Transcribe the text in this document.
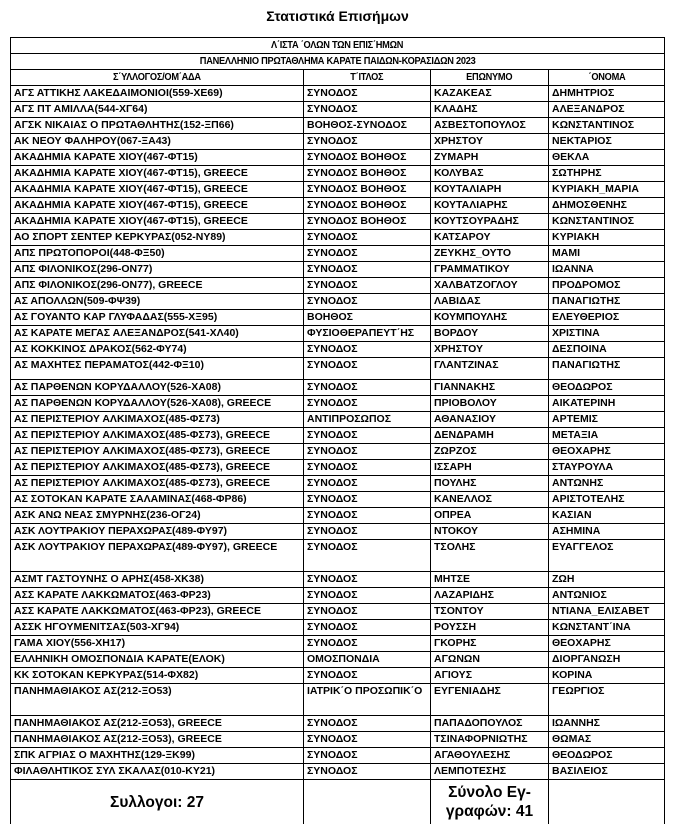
Στατιστικά Επισήμων
Λ΄ΙΣΤΑ ΄ΟΛΩΝ ΤΩΝ ΕΠΙΣ΄ΗΜΩΝ			
ΠΑΝΕΛΛΗΝΙΟ ΠΡΩΤΑΘΛΗΜΑ ΚΑΡΑΤΕ ΠΑΙΔΩΝ-ΚΟΡΑΣΙΔΩΝ 2023			
Σ΄ΥΛΛΟΓΟΣ/ΟΜ΄ΑΔΑ	Τ΄ΙΤΛΟΣ	ΕΠΩΝΥΜΟ	΄ΟΝΟΜΑ
ΑΓΣ ΑΤΤΙΚΗΣ ΛΑΚΕΔΑΙΜΟΝΙΟΙ(559-ΧΕ69)	ΣΥΝΟΔΟΣ	ΚΑΖΑΚΕΑΣ	ΔΗΜΗΤΡΙΟΣ
ΑΓΣ ΠΤ ΑΜΙΛΛΑ(544-ΧΓ64)	ΣΥΝΟΔΟΣ	ΚΛΑΔΗΣ	ΑΛΕΞΑΝΔΡΟΣ
ΑΓΣΚ ΝΙΚΑΙΑΣ Ο ΠΡΩΤΑΘΛΗΤΗΣ(152-ΞΠ66)	ΒΟΗΘΟΣ-ΣΥΝΟΔΟΣ	ΑΣΒΕΣΤΟΠΟΥΛΟΣ	ΚΩΝΣΤΑΝΤΙΝΟΣ
ΑΚ ΝΕΟΥ ΦΑΛΗΡΟΥ(067-ΞΑ43)	ΣΥΝΟΔΟΣ	ΧΡΗΣΤΟΥ	ΝΕΚΤΑΡΙΟΣ
ΑΚΑΔΗΜΙΑ ΚΑΡΑΤΕ ΧΙΟΥ(467-ΦΤ15)	ΣΥΝΟΔΟΣ ΒΟΗΘΟΣ	ΖΥΜΑΡΗ	ΘΕΚΛΑ
ΑΚΑΔΗΜΙΑ ΚΑΡΑΤΕ ΧΙΟΥ(467-ΦΤ15), GREECE	ΣΥΝΟΔΟΣ ΒΟΗΘΟΣ	ΚΟΛΥΒΑΣ	ΣΩΤΗΡΗΣ
ΑΚΑΔΗΜΙΑ ΚΑΡΑΤΕ ΧΙΟΥ(467-ΦΤ15), GREECE	ΣΥΝΟΔΟΣ ΒΟΗΘΟΣ	ΚΟΥΤΑΛΙΑΡΗ	ΚΥΡΙΑΚΗ_ΜΑΡΙΑ
ΑΚΑΔΗΜΙΑ ΚΑΡΑΤΕ ΧΙΟΥ(467-ΦΤ15), GREECE	ΣΥΝΟΔΟΣ ΒΟΗΘΟΣ	ΚΟΥΤΑΛΙΑΡΗΣ	ΔΗΜΟΣΘΕΝΗΣ
ΑΚΑΔΗΜΙΑ ΚΑΡΑΤΕ ΧΙΟΥ(467-ΦΤ15), GREECE	ΣΥΝΟΔΟΣ ΒΟΗΘΟΣ	ΚΟΥΤΣΟΥΡΑΔΗΣ	ΚΩΝΣΤΑΝΤΙΝΟΣ
ΑΟ ΣΠΟΡΤ ΣΕΝΤΕΡ ΚΕΡΚΥΡΑΣ(052-ΝΥ89)	ΣΥΝΟΔΟΣ	ΚΑΤΣΑΡΟΥ	ΚΥΡΙΑΚΗ
ΑΠΣ ΠΡΩΤΟΠΟΡΟΙ(448-ΦΞ50)	ΣΥΝΟΔΟΣ	ΖΕΥΚΗΣ_ΟΥΤΟ	ΜΑΜΙ
ΑΠΣ ΦΙΛΟΝΙΚΟΣ(296-ΟΝ77)	ΣΥΝΟΔΟΣ	ΓΡΑΜΜΑΤΙΚΟΥ	ΙΩΑΝΝΑ
ΑΠΣ ΦΙΛΟΝΙΚΟΣ(296-ΟΝ77), GREECE	ΣΥΝΟΔΟΣ	ΧΑΛΒΑΤΖΟΓΛΟΥ	ΠΡΟΔΡΟΜΟΣ
ΑΣ ΑΠΟΛΛΩΝ(509-ΦΨ39)	ΣΥΝΟΔΟΣ	ΛΑΒΙΔΑΣ	ΠΑΝΑΓΙΩΤΗΣ
ΑΣ ΓΟΥΑΝΤΟ ΚΑΡ ΓΛΥΦΑΔΑΣ(555-ΧΞ95)	ΒΟΗΘΟΣ	ΚΟΥΜΠΟΥΛΗΣ	ΕΛΕΥΘΕΡΙΟΣ
ΑΣ ΚΑΡΑΤΕ ΜΕΓΑΣ ΑΛΕΞΑΝΔΡΟΣ(541-ΧΛ40)	ΦΥΣΙΟΘΕΡΑΠΕΥΤ΄ΗΣ	ΒΟΡΔΟΥ	ΧΡΙΣΤΙΝΑ
ΑΣ ΚΟΚΚΙΝΟΣ ΔΡΑΚΟΣ(562-ΦΥ74)	ΣΥΝΟΔΟΣ	ΧΡΗΣΤΟΥ	ΔΕΣΠΟΙΝΑ
ΑΣ ΜΑΧΗΤΕΣ ΠΕΡΑΜΑΤΟΣ(442-ΦΞ10)	ΣΥΝΟΔΟΣ	ΓΛΑΝΤΖΙΝΑΣ	ΠΑΝΑΓΙΩΤΗΣ
ΑΣ ΠΑΡΘΕΝΩΝ ΚΟΡΥΔΑΛΛΟΥ(526-ΧΑ08)	ΣΥΝΟΔΟΣ	ΓΙΑΝΝΑΚΗΣ	ΘΕΟΔΩΡΟΣ
ΑΣ ΠΑΡΘΕΝΩΝ ΚΟΡΥΔΑΛΛΟΥ(526-ΧΑ08), GREECE	ΣΥΝΟΔΟΣ	ΠΡΙΟΒΟΛΟΥ	ΑΙΚΑΤΕΡΙΝΗ
ΑΣ ΠΕΡΙΣΤΕΡΙΟΥ ΑΛΚΙΜΑΧΟΣ(485-ΦΣ73)	ΑΝΤΙΠΡΟΣΩΠΟΣ	ΑΘΑΝΑΣΙΟΥ	ΑΡΤΕΜΙΣ
ΑΣ ΠΕΡΙΣΤΕΡΙΟΥ ΑΛΚΙΜΑΧΟΣ(485-ΦΣ73), GREECE	ΣΥΝΟΔΟΣ	ΔΕΝΔΡΑΜΗ	ΜΕΤΑΞΙΑ
ΑΣ ΠΕΡΙΣΤΕΡΙΟΥ ΑΛΚΙΜΑΧΟΣ(485-ΦΣ73), GREECE	ΣΥΝΟΔΟΣ	ΖΩΡΖΟΣ	ΘΕΟΧΑΡΗΣ
ΑΣ ΠΕΡΙΣΤΕΡΙΟΥ ΑΛΚΙΜΑΧΟΣ(485-ΦΣ73), GREECE	ΣΥΝΟΔΟΣ	ΙΣΣΑΡΗ	ΣΤΑΥΡΟΥΛΑ
ΑΣ ΠΕΡΙΣΤΕΡΙΟΥ ΑΛΚΙΜΑΧΟΣ(485-ΦΣ73), GREECE	ΣΥΝΟΔΟΣ	ΠΟΥΛΗΣ	ΑΝΤΩΝΗΣ
ΑΣ ΣΟΤΟΚΑΝ ΚΑΡΑΤΕ ΣΑΛΑΜΙΝΑΣ(468-ΦΡ86)	ΣΥΝΟΔΟΣ	ΚΑΝΕΛΛΟΣ	ΑΡΙΣΤΟΤΕΛΗΣ
ΑΣΚ ΑΝΩ ΝΕΑΣ ΣΜΥΡΝΗΣ(236-ΟΓ24)	ΣΥΝΟΔΟΣ	ΟΠΡΕΑ	ΚΑΣΙΑΝ
ΑΣΚ ΛΟΥΤΡΑΚΙΟΥ ΠΕΡΑΧΩΡΑΣ(489-ΦΥ97)	ΣΥΝΟΔΟΣ	ΝΤΟΚΟΥ	ΑΣΗΜΙΝΑ
ΑΣΚ ΛΟΥΤΡΑΚΙΟΥ ΠΕΡΑΧΩΡΑΣ(489-ΦΥ97), GREECE	ΣΥΝΟΔΟΣ	ΤΣΟΛΗΣ	ΕΥΑΓΓΕΛΟΣ
ΑΣΜΤ ΓΑΣΤΟΥΝΗΣ Ο ΑΡΗΣ(458-ΧΚ38)	ΣΥΝΟΔΟΣ	ΜΗΤΣΕ	ΖΩΗ
ΑΣΣ ΚΑΡΑΤΕ ΛΑΚΚΩΜΑΤΟΣ(463-ΦΡ23)	ΣΥΝΟΔΟΣ	ΛΑΖΑΡΙΔΗΣ	ΑΝΤΩΝΙΟΣ
ΑΣΣ ΚΑΡΑΤΕ ΛΑΚΚΩΜΑΤΟΣ(463-ΦΡ23), GREECE	ΣΥΝΟΔΟΣ	ΤΣΟΝΤΟΥ	ΝΤΙΑΝΑ_ΕΛΙΣΑΒΕΤ
ΑΣΣΚ ΗΓΟΥΜΕΝΙΤΣΑΣ(503-ΧΓ94)	ΣΥΝΟΔΟΣ	ΡΟΥΣΣΗ	ΚΩΝΣΤΑΝΤ΄ΙΝΑ
ΓΑΜΑ ΧΙΟΥ(556-ΧΗ17)	ΣΥΝΟΔΟΣ	ΓΚΟΡΗΣ	ΘΕΟΧΑΡΗΣ
ΕΛΛΗΝΙΚΗ ΟΜΟΣΠΟΝΔΙΑ ΚΑΡΑΤΕ(ΕΛΟΚ)	ΟΜΟΣΠΟΝΔΙΑ	ΑΓΩΝΩΝ	ΔΙΟΡΓΑΝΩΣΗ
ΚΚ ΣΟΤΟΚΑΝ ΚΕΡΚΥΡΑΣ(514-ΦΧ82)	ΣΥΝΟΔΟΣ	ΑΓΙΟΥΣ	ΚΟΡΙΝΑ
ΠΑΝΗΜΑΘΙΑΚΟΣ ΑΣ(212-ΞΟ53)	ΙΑΤΡΙΚ΄Ο ΠΡΟΣΩΠΙΚ΄Ο	ΕΥΓΕΝΙΑΔΗΣ	ΓΕΩΡΓΙΟΣ
ΠΑΝΗΜΑΘΙΑΚΟΣ ΑΣ(212-ΞΟ53), GREECE	ΣΥΝΟΔΟΣ	ΠΑΠΑΔΟΠΟΥΛΟΣ	ΙΩΑΝΝΗΣ
ΠΑΝΗΜΑΘΙΑΚΟΣ ΑΣ(212-ΞΟ53), GREECE	ΣΥΝΟΔΟΣ	ΤΣΙΝΑΦΟΡΝΙΩΤΗΣ	ΘΩΜΑΣ
ΣΠΚ ΑΓΡΙΑΣ Ο ΜΑΧΗΤΗΣ(129-ΞΚ99)	ΣΥΝΟΔΟΣ	ΑΓΑΘΟΥΛΕΣΗΣ	ΘΕΟΔΩΡΟΣ
ΦΙΛΑΘΛΗΤΙΚΟΣ ΣΥΛ ΣΚΑΛΑΣ(010-ΚΥ21)	ΣΥΝΟΔΟΣ	ΛΕΜΠΟΤΕΣΗΣ	ΒΑΣΙΛΕΙΟΣ
Συλλογοι: 27		Σύνολο Εγ-γραφών: 41	
